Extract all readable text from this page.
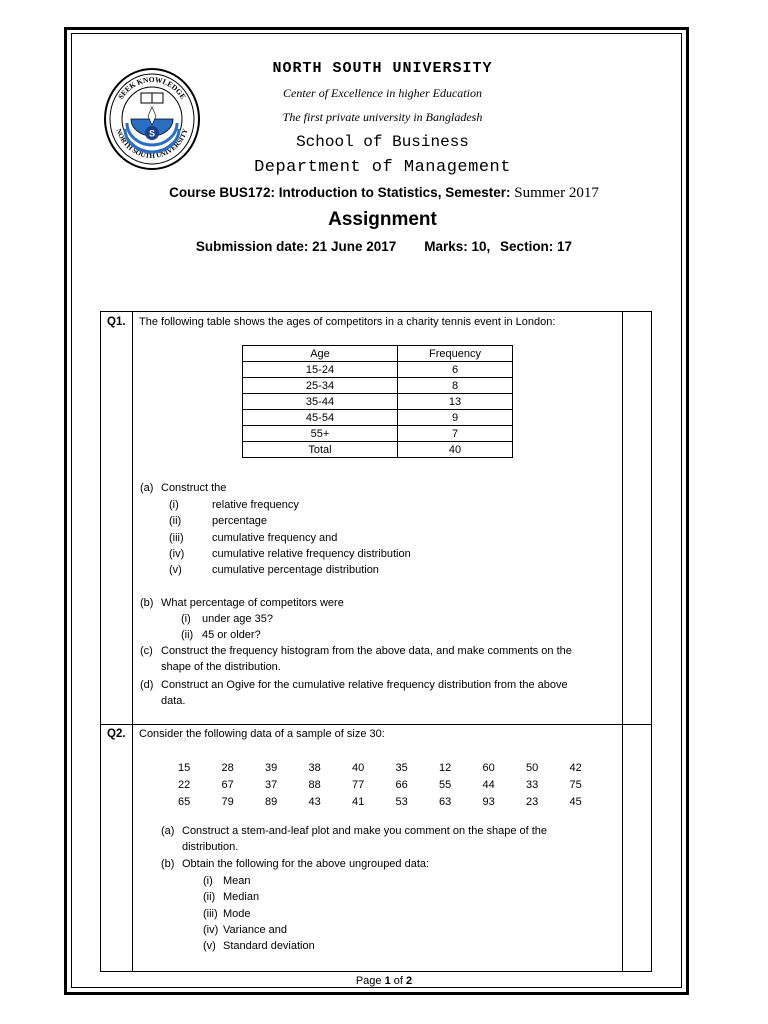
SEEK KNOWLEDGE
NORTH SOUTH UNIVERSITY
S
NORTH SOUTH UNIVERSITY
Center of Excellence in higher Education
The first private university in Bangladesh
School of Business
Department of Management
Course BUS172: Introduction to Statistics, Semester: Summer 2017
Assignment
Submission date: 21 June 2017 Marks: 10, Section: 17
Q1. The following table shows the ages of competitors in a charity tennis event in London:
Age	Frequency
15-24	6
25-34	8
35-44	13
45-54	9
55+	7
Total	40
(a) Construct the
(i)	relative frequency
(ii)	percentage
(iii)	cumulative frequency and
(iv)	cumulative relative frequency distribution
(v)	cumulative percentage distribution
(b) What percentage of competitors were
(i) under age 35?
(ii) 45 or older?
(c) Construct the frequency histogram from the above data, and make comments on the
shape of the distribution.
(d) Construct an Ogive for the cumulative relative frequency distribution from the above
data.
Q2. Consider the following data of a sample of size 30:
15	28	39	38	40	35	12	60	50	42
22	67	37	88	77	66	55	44	33	75
65	79	89	43	41	53	63	93	23	45
(a) Construct a stem-and-leaf plot and make you comment on the shape of the
distribution.
(b) Obtain the following for the above ungrouped data:
(i) Mean
(ii) Median
(iii) Mode
(iv) Variance and
(v) Standard deviation
Page 1 of 2
